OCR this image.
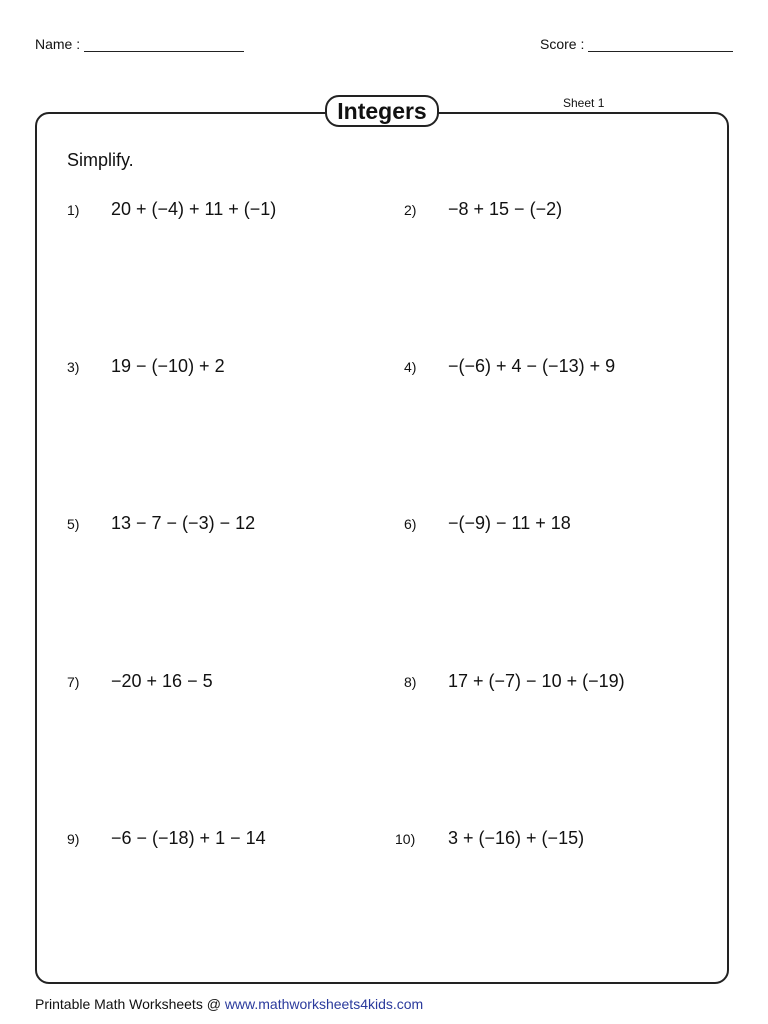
Name :	Score :
Integers	Sheet 1
Simplify.
1)	20 + (−4) + 11 + (−1)	2)	−8 + 15 − (−2)
3)	19 − (−10) + 2	4)	−(−6) + 4 − (−13) + 9
5)	13 − 7 − (−3) − 12	6)	−(−9) − 11 + 18
7)	−20 + 16 − 5	8)	17 + (−7) − 10 + (−19)
9)	−6 − (−18) + 1 − 14	10)	3 + (−16) + (−15)
Printable Math Worksheets @ www.mathworksheets4kids.com
